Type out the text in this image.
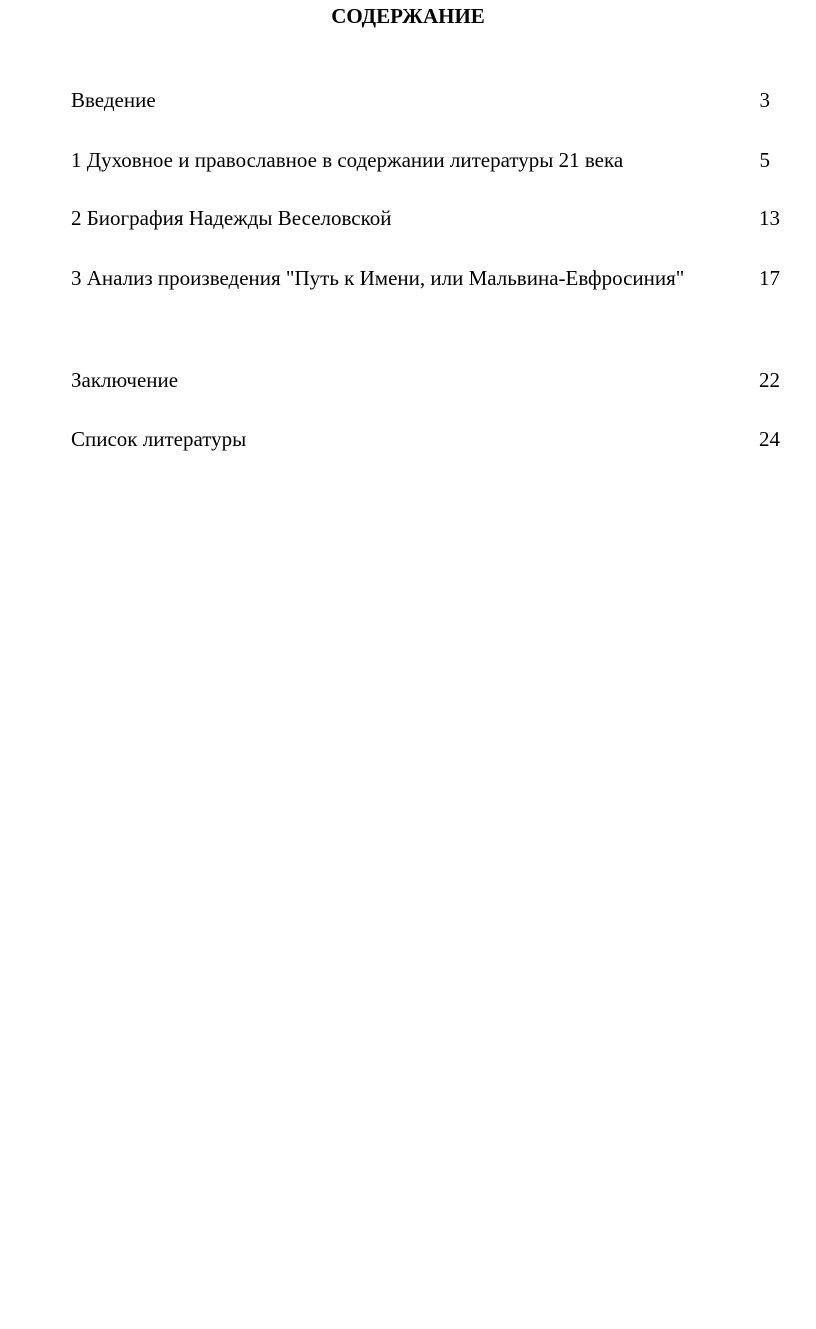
СОДЕРЖАНИЕ
Введение	3
1 Духовное и православное в содержании литературы 21 века	5
2 Биография Надежды Веселовской	13
3 Анализ произведения "Путь к Имени, или Мальвина-Евфросиния"	17
Заключение	22
Список литературы	24
